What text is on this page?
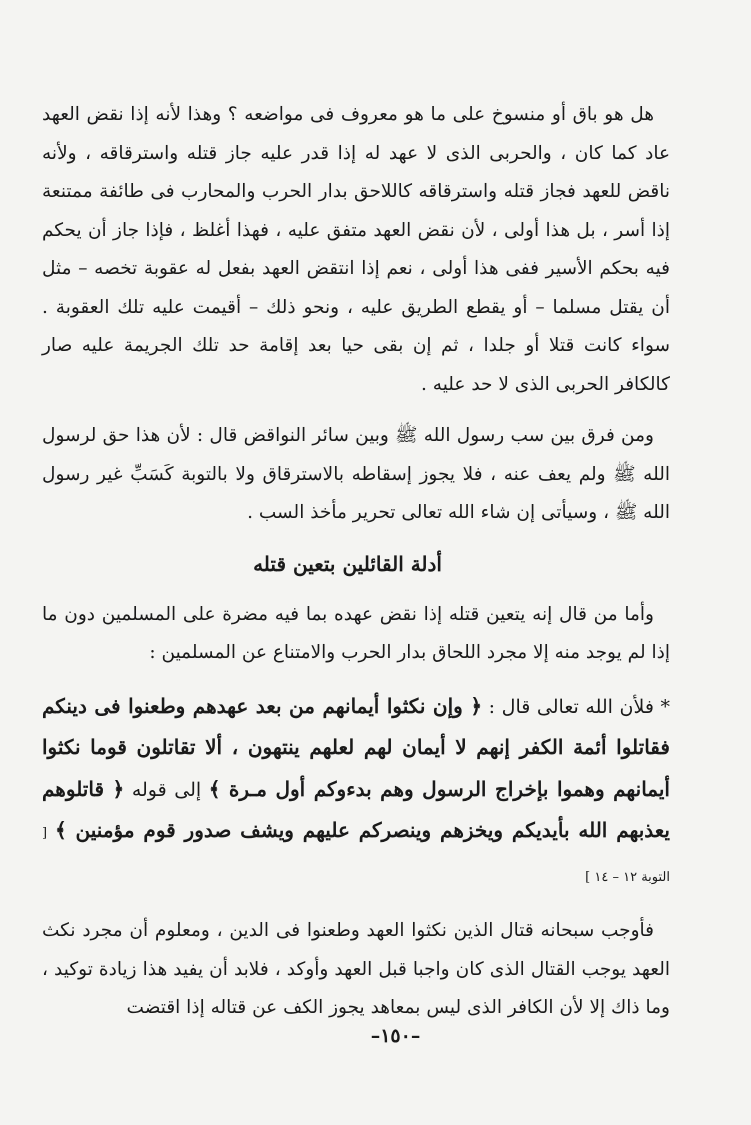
هل هو باق أو منسوخ على ما هو معروف فى مواضعه ؟ وهذا لأنه إذا نقض العهد عاد كما كان ، والحربى الذى لا عهد له إذا قدر عليه جاز قتله واسترقاقه ، ولأنه ناقض للعهد فجاز قتله واسترقاقه كاللاحق بدار الحرب والمحارب فى طائفة ممتنعة إذا أسر ، بل هذا أولى ، لأن نقض العهد متفق عليه ، فهذا أغلظ ، فإذا جاز أن يحكم فيه بحكم الأسير ففى هذا أولى ، نعم إذا انتقض العهد بفعل له عقوبة تخصه – مثل أن يقتل مسلما – أو يقطع الطريق عليه ، ونحو ذلك – أقيمت عليه تلك العقوبة . سواء كانت قتلا أو جلدا ، ثم إن بقى حيا بعد إقامة حد تلك الجريمة عليه صار كالكافر الحربى الذى لا حد عليه .

ومن فرق بين سب رسول الله ﷺ وبين سائر النواقض قال : لأن هذا حق لرسول الله ﷺ ولم يعف عنه ، فلا يجوز إسقاطه بالاسترقاق ولا بالتوبة كَسَبِّ غير رسول الله ﷺ ، وسيأتى إن شاء الله تعالى تحرير مأخذ السب .

أدلة القائلين بتعين قتله

وأما من قال إنه يتعين قتله إذا نقض عهده بما فيه مضرة على المسلمين دون ما إذا لم يوجد منه إلا مجرد اللحاق بدار الحرب والامتناع عن المسلمين :

* فلأن الله تعالى قال : ﴿ وإن نكثوا أيمانهم من بعد عهدهم وطعنوا فى دينكم فقاتلوا أئمة الكفر إنهم لا أيمان لهم لعلهم ينتهون ، ألا تقاتلون قوما نكثوا أيمانهم وهموا بإخراج الرسول وهم بدءوكم أول مـرة ﴾ إلى قوله ﴿ قاتلوهم يعذبهم الله بأيديكم ويخزهم وينصركم عليهم ويشف صدور قوم مؤمنين ﴾ [ التوبة ١٢ – ١٤ ]

فأوجب سبحانه قتال الذين نكثوا العهد وطعنوا فى الدين ، ومعلوم أن مجرد نكث العهد يوجب القتال الذى كان واجبا قبل العهد وأوكد ، فلابد أن يفيد هذا زيادة توكيد ، وما ذاك إلا لأن الكافر الذى ليس بمعاهد يجوز الكف عن قتاله إذا اقتضت

–١٥٠–
